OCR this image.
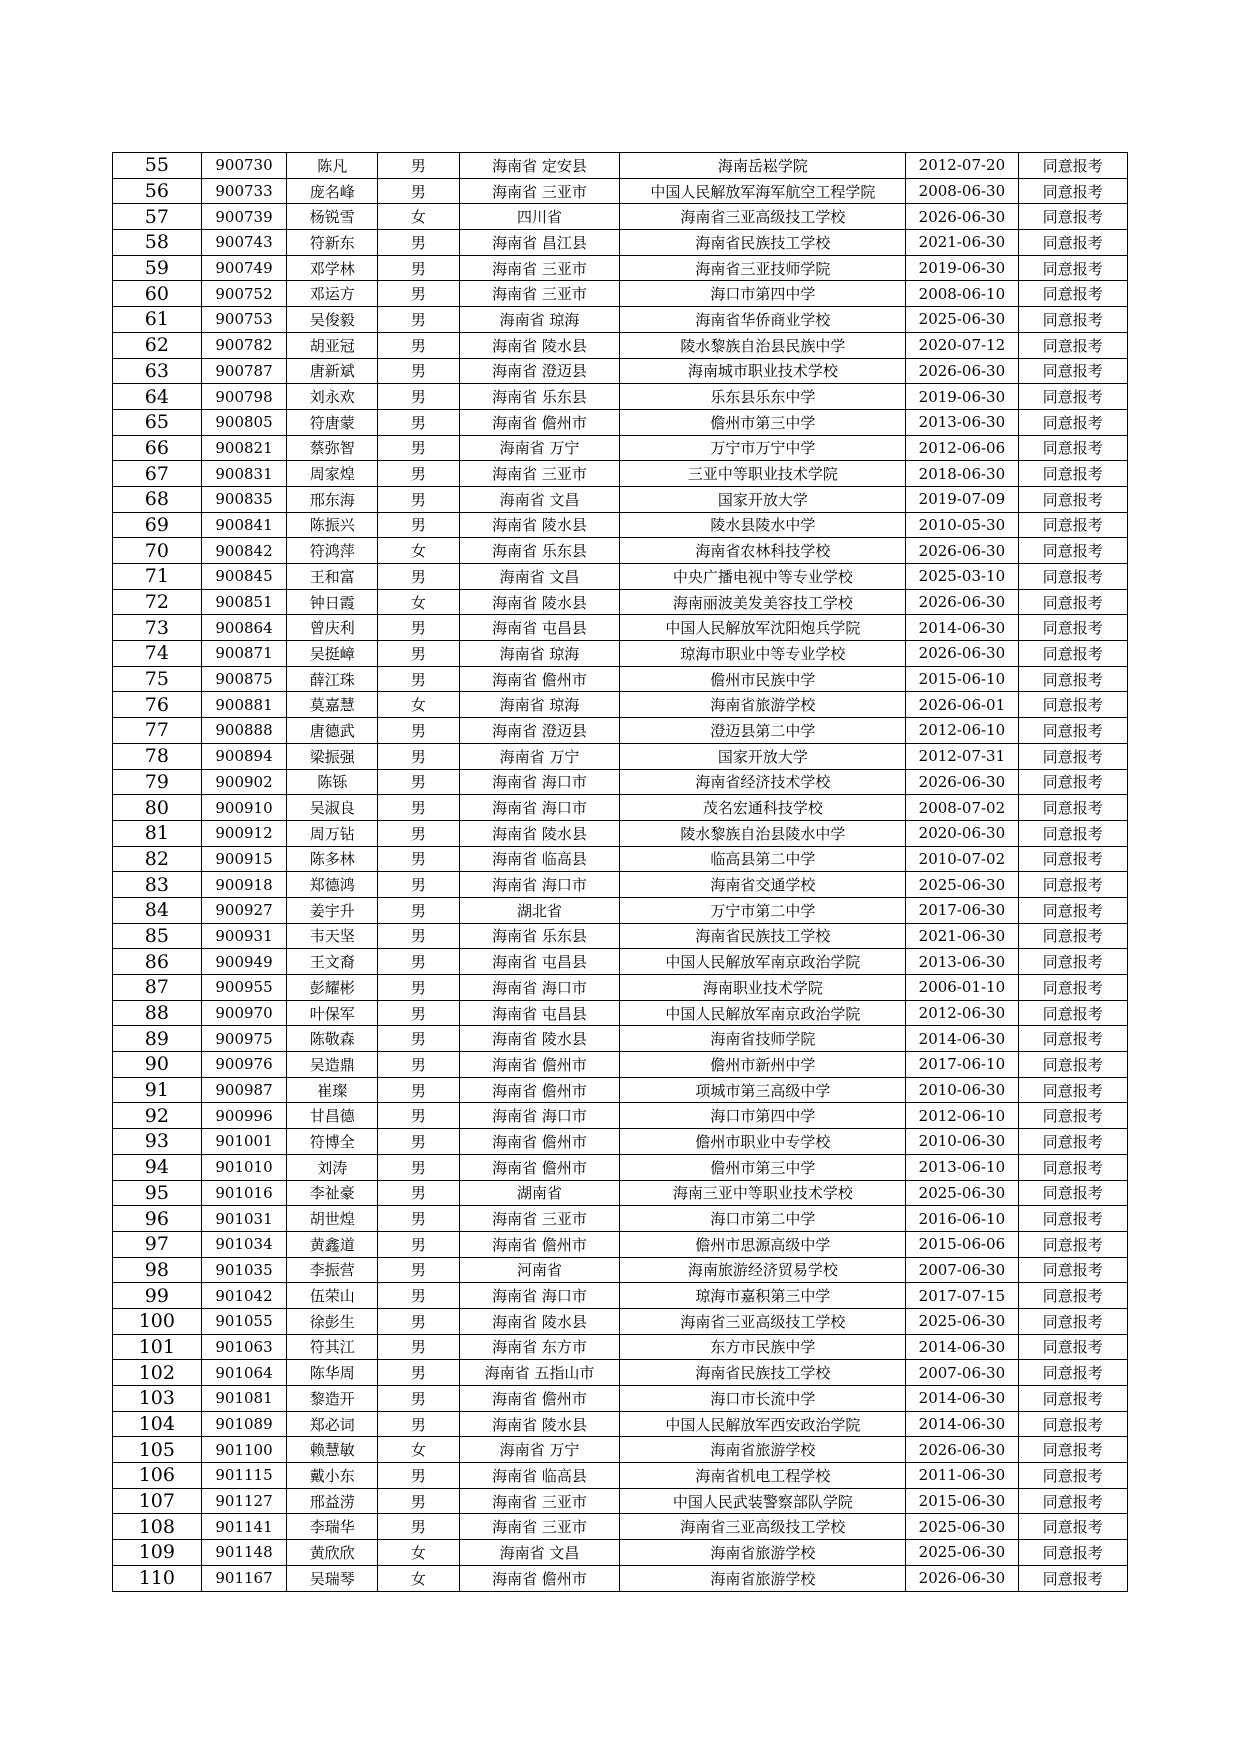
55	900730	陈凡	男	海南省 定安县	海南岳崧学院	2012-07-20	同意报考
56	900733	庞名峰	男	海南省 三亚市	中国人民解放军海军航空工程学院	2008-06-30	同意报考
57	900739	杨锐雪	女	四川省	海南省三亚高级技工学校	2026-06-30	同意报考
58	900743	符新东	男	海南省 昌江县	海南省民族技工学校	2021-06-30	同意报考
59	900749	邓学林	男	海南省 三亚市	海南省三亚技师学院	2019-06-30	同意报考
60	900752	邓运方	男	海南省 三亚市	海口市第四中学	2008-06-10	同意报考
61	900753	吴俊毅	男	海南省 琼海	海南省华侨商业学校	2025-06-30	同意报考
62	900782	胡亚冠	男	海南省 陵水县	陵水黎族自治县民族中学	2020-07-12	同意报考
63	900787	唐新斌	男	海南省 澄迈县	海南城市职业技术学校	2026-06-30	同意报考
64	900798	刘永欢	男	海南省 乐东县	乐东县乐东中学	2019-06-30	同意报考
65	900805	符唐蒙	男	海南省 儋州市	儋州市第三中学	2013-06-30	同意报考
66	900821	蔡弥智	男	海南省 万宁	万宁市万宁中学	2012-06-06	同意报考
67	900831	周家煌	男	海南省 三亚市	三亚中等职业技术学院	2018-06-30	同意报考
68	900835	邢东海	男	海南省 文昌	国家开放大学	2019-07-09	同意报考
69	900841	陈振兴	男	海南省 陵水县	陵水县陵水中学	2010-05-30	同意报考
70	900842	符鸿萍	女	海南省 乐东县	海南省农林科技学校	2026-06-30	同意报考
71	900845	王和富	男	海南省 文昌	中央广播电视中等专业学校	2025-03-10	同意报考
72	900851	钟日霞	女	海南省 陵水县	海南丽波美发美容技工学校	2026-06-30	同意报考
73	900864	曾庆利	男	海南省 屯昌县	中国人民解放军沈阳炮兵学院	2014-06-30	同意报考
74	900871	吴挺嶂	男	海南省 琼海	琼海市职业中等专业学校	2026-06-30	同意报考
75	900875	薛江珠	男	海南省 儋州市	儋州市民族中学	2015-06-10	同意报考
76	900881	莫嘉慧	女	海南省 琼海	海南省旅游学校	2026-06-01	同意报考
77	900888	唐德武	男	海南省 澄迈县	澄迈县第二中学	2012-06-10	同意报考
78	900894	梁振强	男	海南省 万宁	国家开放大学	2012-07-31	同意报考
79	900902	陈铄	男	海南省 海口市	海南省经济技术学校	2026-06-30	同意报考
80	900910	吴淑良	男	海南省 海口市	茂名宏通科技学校	2008-07-02	同意报考
81	900912	周万钻	男	海南省 陵水县	陵水黎族自治县陵水中学	2020-06-30	同意报考
82	900915	陈多林	男	海南省 临高县	临高县第二中学	2010-07-02	同意报考
83	900918	郑德鸿	男	海南省 海口市	海南省交通学校	2025-06-30	同意报考
84	900927	姜宇升	男	湖北省	万宁市第二中学	2017-06-30	同意报考
85	900931	韦天坚	男	海南省 乐东县	海南省民族技工学校	2021-06-30	同意报考
86	900949	王文裔	男	海南省 屯昌县	中国人民解放军南京政治学院	2013-06-30	同意报考
87	900955	彭耀彬	男	海南省 海口市	海南职业技术学院	2006-01-10	同意报考
88	900970	叶保军	男	海南省 屯昌县	中国人民解放军南京政治学院	2012-06-30	同意报考
89	900975	陈敬森	男	海南省 陵水县	海南省技师学院	2014-06-30	同意报考
90	900976	吴造鼎	男	海南省 儋州市	儋州市新州中学	2017-06-10	同意报考
91	900987	崔璨	男	海南省 儋州市	项城市第三高级中学	2010-06-30	同意报考
92	900996	甘昌德	男	海南省 海口市	海口市第四中学	2012-06-10	同意报考
93	901001	符博全	男	海南省 儋州市	儋州市职业中专学校	2010-06-30	同意报考
94	901010	刘涛	男	海南省 儋州市	儋州市第三中学	2013-06-10	同意报考
95	901016	李祉豪	男	湖南省	海南三亚中等职业技术学校	2025-06-30	同意报考
96	901031	胡世煌	男	海南省 三亚市	海口市第二中学	2016-06-10	同意报考
97	901034	黄鑫道	男	海南省 儋州市	儋州市思源高级中学	2015-06-06	同意报考
98	901035	李振营	男	河南省	海南旅游经济贸易学校	2007-06-30	同意报考
99	901042	伍荣山	男	海南省 海口市	琼海市嘉积第三中学	2017-07-15	同意报考
100	901055	徐彭生	男	海南省 陵水县	海南省三亚高级技工学校	2025-06-30	同意报考
101	901063	符其江	男	海南省 东方市	东方市民族中学	2014-06-30	同意报考
102	901064	陈华周	男	海南省 五指山市	海南省民族技工学校	2007-06-30	同意报考
103	901081	黎造开	男	海南省 儋州市	海口市长流中学	2014-06-30	同意报考
104	901089	郑必词	男	海南省 陵水县	中国人民解放军西安政治学院	2014-06-30	同意报考
105	901100	赖慧敏	女	海南省 万宁	海南省旅游学校	2026-06-30	同意报考
106	901115	戴小东	男	海南省 临高县	海南省机电工程学校	2011-06-30	同意报考
107	901127	邢益涝	男	海南省 三亚市	中国人民武装警察部队学院	2015-06-30	同意报考
108	901141	李瑞华	男	海南省 三亚市	海南省三亚高级技工学校	2025-06-30	同意报考
109	901148	黄欣欣	女	海南省 文昌	海南省旅游学校	2025-06-30	同意报考
110	901167	吴瑞琴	女	海南省 儋州市	海南省旅游学校	2026-06-30	同意报考
